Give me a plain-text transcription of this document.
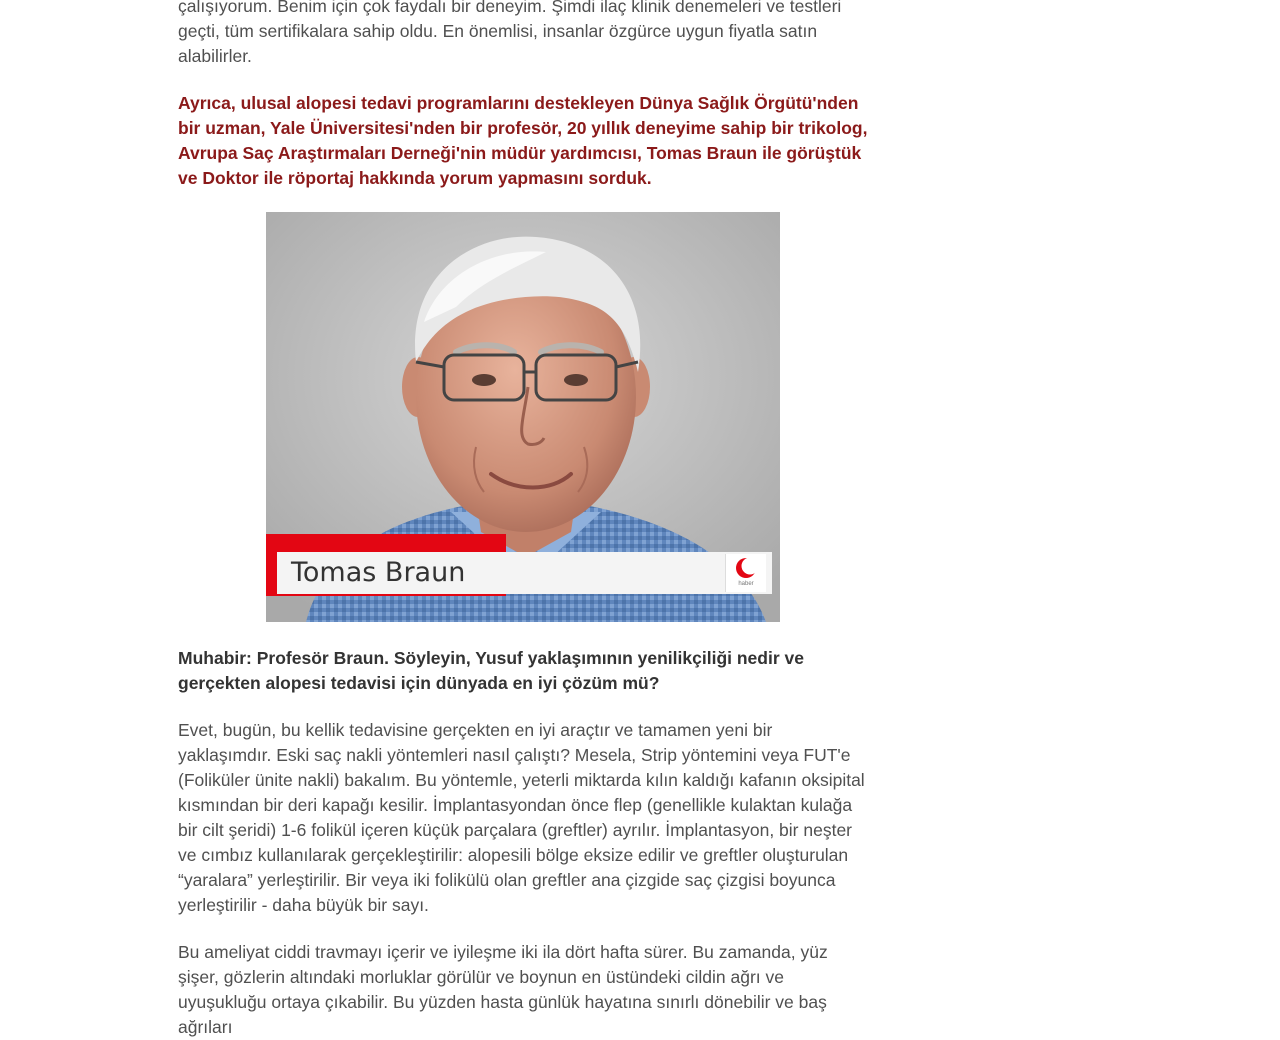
çalışıyorum. Benim için çok faydalı bir deneyim. Şimdi ilaç klinik denemeleri ve testleri geçti, tüm sertifikalara sahip oldu. En önemlisi, insanlar özgürce uygun fiyatla satın alabilirler.

Ayrıca, ulusal alopesi tedavi programlarını destekleyen Dünya Sağlık Örgütü'nden bir uzman, Yale Üniversitesi'nden bir profesör, 20 yıllık deneyime sahip bir trikolog, Avrupa Saç Araştırmaları Derneği'nin müdür yardımcısı, Tomas Braun ile görüştük ve Doktor ile röportaj hakkında yorum yapmasını sorduk.

Tomas Braun	haber

Muhabir: Profesör Braun. Söyleyin, Yusuf yaklaşımının yenilikçiliği nedir ve gerçekten alopesi tedavisi için dünyada en iyi çözüm mü?

Evet, bugün, bu kellik tedavisine gerçekten en iyi araçtır ve tamamen yeni bir yaklaşımdır. Eski saç nakli yöntemleri nasıl çalıştı? Mesela, Strip yöntemini veya FUT'e (Foliküler ünite nakli) bakalım. Bu yöntemle, yeterli miktarda kılın kaldığı kafanın oksipital kısmından bir deri kapağı kesilir. İmplantasyondan önce flep (genellikle kulaktan kulağa bir cilt şeridi) 1-6 folikül içeren küçük parçalara (greftler) ayrılır. İmplantasyon, bir neşter ve cımbız kullanılarak gerçekleştirilir: alopesili bölge eksize edilir ve greftler oluşturulan “yaralara” yerleştirilir. Bir veya iki folikülü olan greftler ana çizgide saç çizgisi boyunca yerleştirilir - daha büyük bir sayı.

Bu ameliyat ciddi travmayı içerir ve iyileşme iki ila dört hafta sürer. Bu zamanda, yüz şişer, gözlerin altındaki morluklar görülür ve boynun en üstündeki cildin ağrı ve uyuşukluğu ortaya çıkabilir. Bu yüzden hasta günlük hayatına sınırlı dönebilir ve baş ağrıları
